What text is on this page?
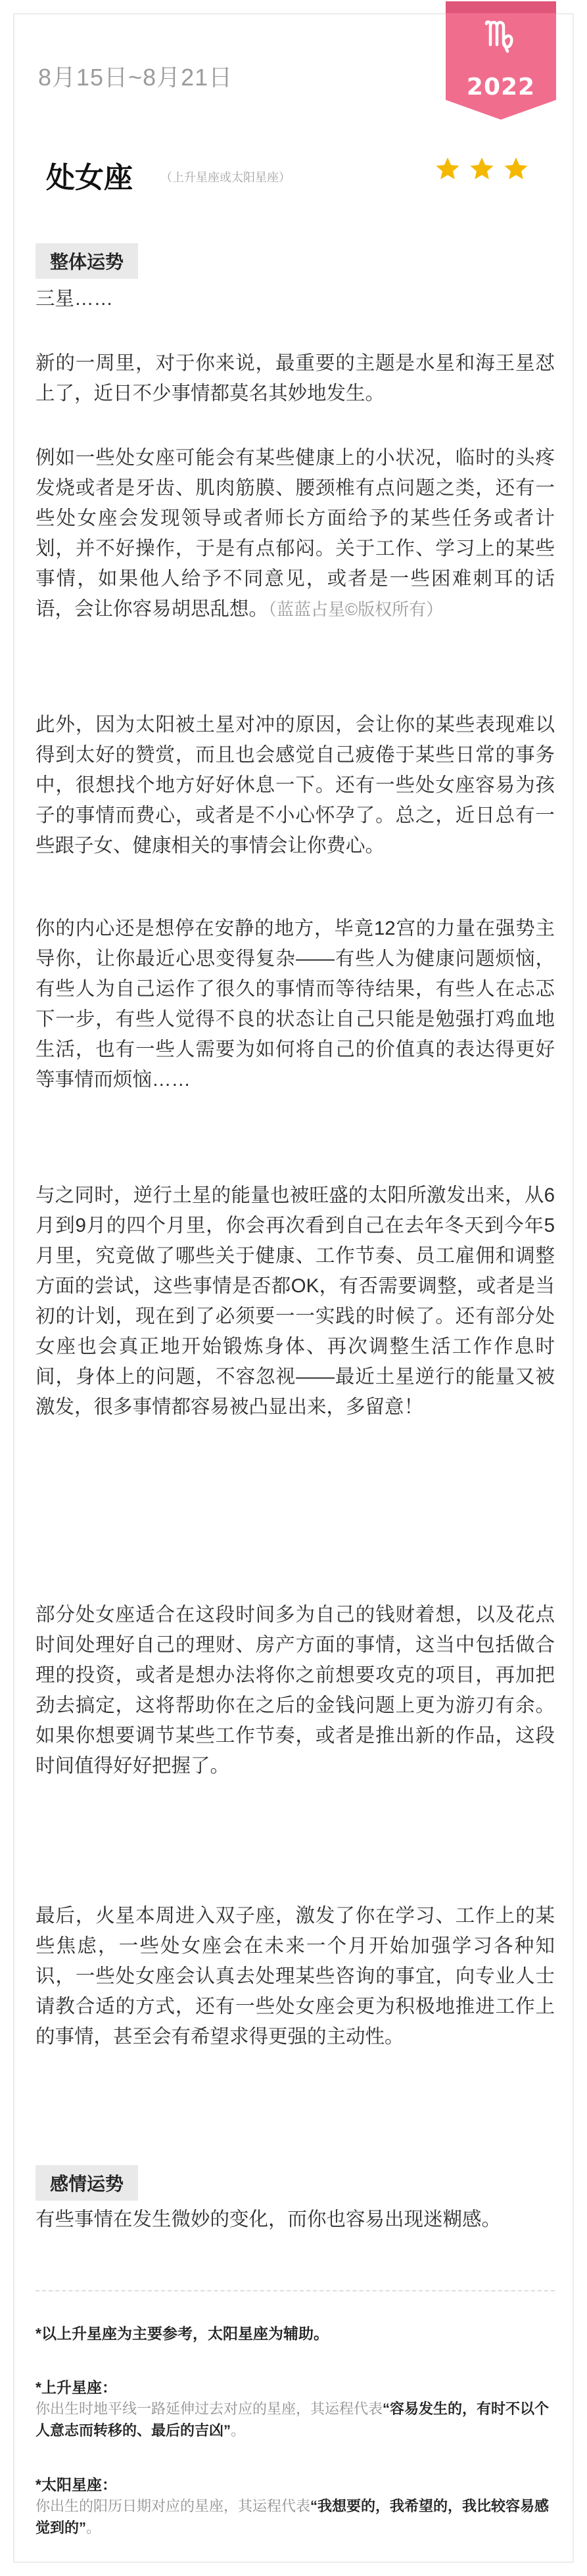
2022
8月15日~8月21日
处女座 （上升星座或太阳星座）
整体运势

三星……

新的一周里，对于你来说，最重要的主题是水星和海王星怼上了，近日不少事情都莫名其妙地发生。

例如一些处女座可能会有某些健康上的小状况，临时的头疼发烧或者是牙齿、肌肉筋膜、腰颈椎有点问题之类，还有一些处女座会发现领导或者师长方面给予的某些任务或者计划，并不好操作，于是有点郁闷。关于工作、学习上的某些事情，如果他人给予不同意见，或者是一些困难刺耳的话语，会让你容易胡思乱想。（蓝蓝占星©版权所有）

此外，因为太阳被土星对冲的原因，会让你的某些表现难以得到太好的赞赏，而且也会感觉自己疲倦于某些日常的事务中，很想找个地方好好休息一下。还有一些处女座容易为孩子的事情而费心，或者是不小心怀孕了。总之，近日总有一些跟子女、健康相关的事情会让你费心。

你的内心还是想停在安静的地方，毕竟12宫的力量在强势主导你，让你最近心思变得复杂——有些人为健康问题烦恼，有些人为自己运作了很久的事情而等待结果，有些人在忐忑下一步，有些人觉得不良的状态让自己只能是勉强打鸡血地生活，也有一些人需要为如何将自己的价值真的表达得更好等事情而烦恼……

与之同时，逆行土星的能量也被旺盛的太阳所激发出来，从6月到9月的四个月里，你会再次看到自己在去年冬天到今年5月里，究竟做了哪些关于健康、工作节奏、员工雇佣和调整方面的尝试，这些事情是否都OK，有否需要调整，或者是当初的计划，现在到了必须要一一实践的时候了。还有部分处女座也会真正地开始锻炼身体、再次调整生活工作作息时间，身体上的问题，不容忽视——最近土星逆行的能量又被激发，很多事情都容易被凸显出来，多留意！

部分处女座适合在这段时间多为自己的钱财着想，以及花点时间处理好自己的理财、房产方面的事情，这当中包括做合理的投资，或者是想办法将你之前想要攻克的项目，再加把劲去搞定，这将帮助你在之后的金钱问题上更为游刃有余。如果你想要调节某些工作节奏，或者是推出新的作品，这段时间值得好好把握了。

最后，火星本周进入双子座，激发了你在学习、工作上的某些焦虑，一些处女座会在未来一个月开始加强学习各种知识，一些处女座会认真去处理某些咨询的事宜，向专业人士请教合适的方式，还有一些处女座会更为积极地推进工作上的事情，甚至会有希望求得更强的主动性。

感情运势

有些事情在发生微妙的变化，而你也容易出现迷糊感。

*以上升星座为主要参考，太阳星座为辅助。

*上升星座：

你出生时地平线一路延伸过去对应的星座，其运程代表“容易发生的，有时不以个人意志而转移的、最后的吉凶”。

*太阳星座：

你出生的阳历日期对应的星座，其运程代表“我想要的，我希望的，我比较容易感觉到的”。
